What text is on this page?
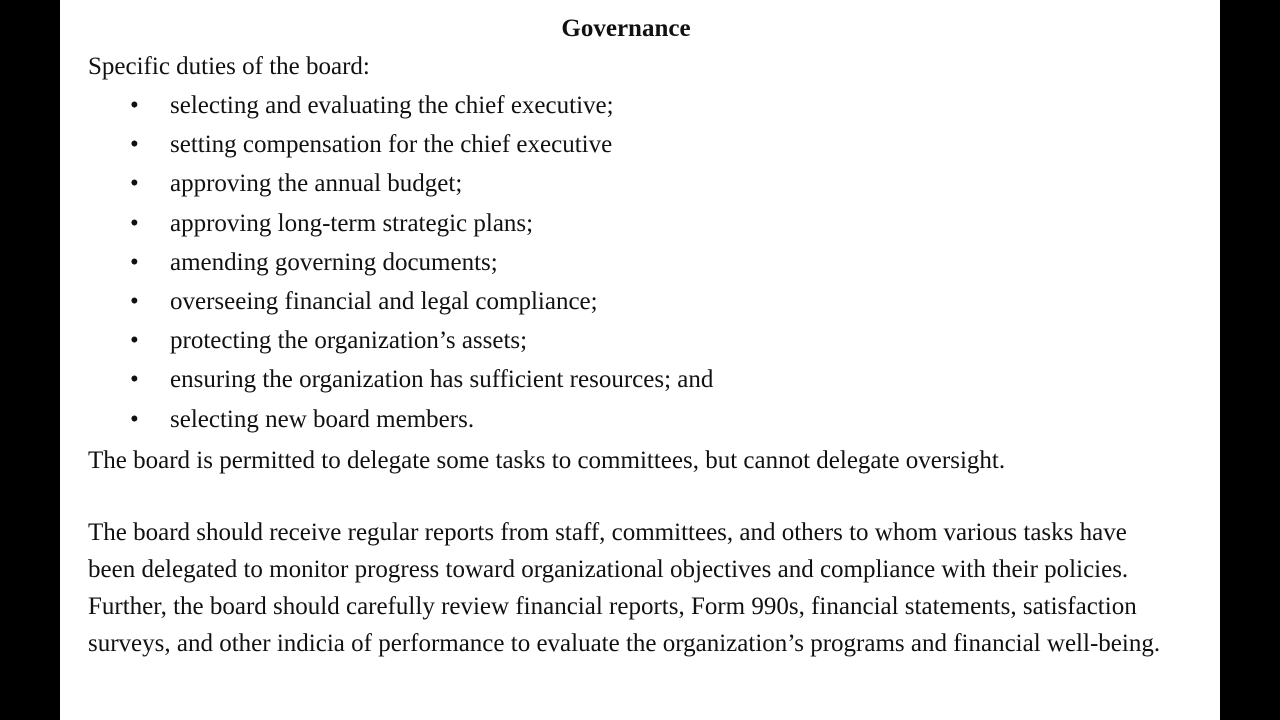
Governance
Specific duties of the board:
• selecting and evaluating the chief executive;
• setting compensation for the chief executive
• approving the annual budget;
• approving long-term strategic plans;
• amending governing documents;
• overseeing financial and legal compliance;
• protecting the organization’s assets;
• ensuring the organization has sufficient resources; and
• selecting new board members.
The board is permitted to delegate some tasks to committees, but cannot delegate oversight.

The board should receive regular reports from staff, committees, and others to whom various tasks have been delegated to monitor progress toward organizational objectives and compliance with their policies. Further, the board should carefully review financial reports, Form 990s, financial statements, satisfaction surveys, and other indicia of performance to evaluate the organization’s programs and financial well-being.
